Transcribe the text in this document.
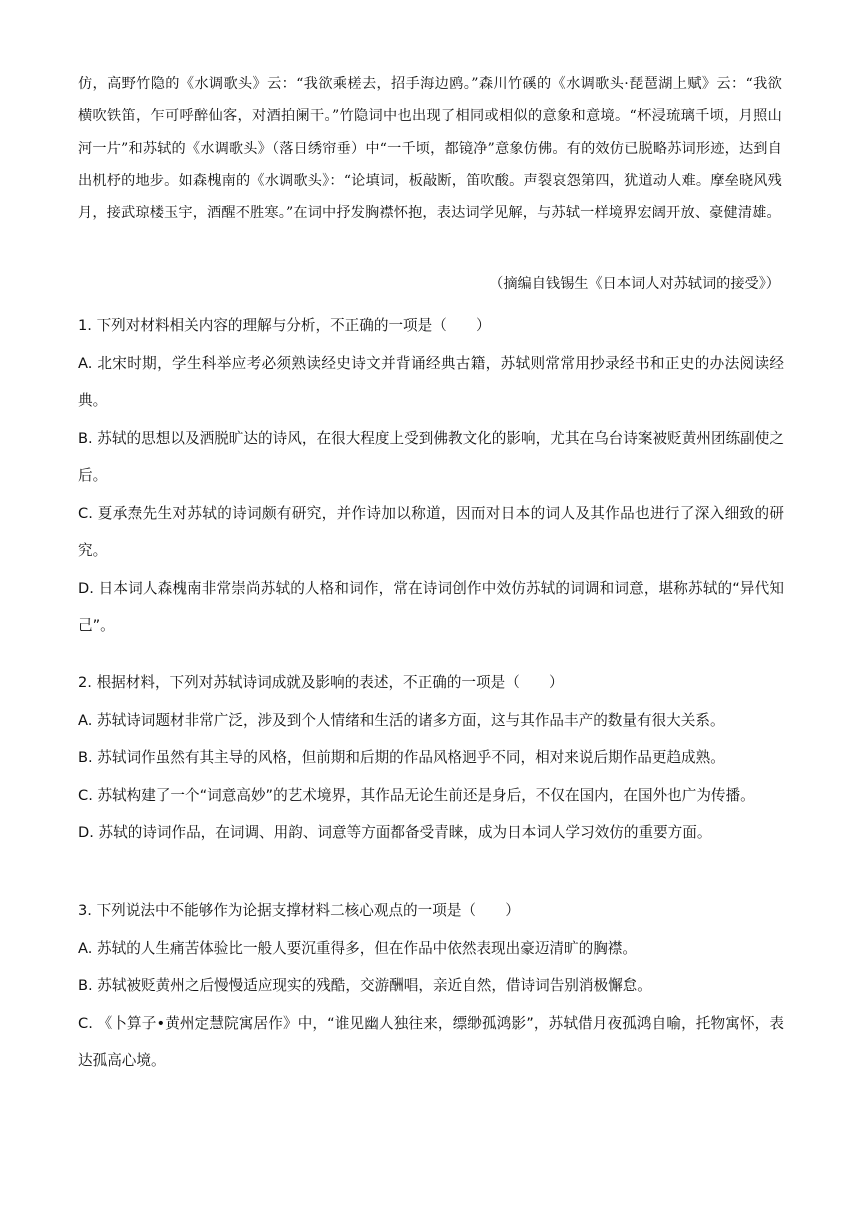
仿，高野竹隐的《水调歌头》云：“我欲乘槎去，招手海边鸥。”森川竹磎的《水调歌头·琵琶湖上赋》云：“我欲横吹铁笛，乍可呼醉仙客，对酒拍阑干。”竹隐词中也出现了相同或相似的意象和意境。“杯浸琉璃千顷，月照山河一片”和苏轼的《水调歌头》（落日绣帘垂）中“一千顷，都镜净”意象仿佛。有的效仿已脱略苏词形迹，达到自出机杼的地步。如森槐南的《水调歌头》：“论填词，板敲断，笛吹酸。声裂哀怨第四，犹道动人难。摩垒晓风残月，接武琼楼玉宇，酒醒不胜寒。”在词中抒发胸襟怀抱，表达词学见解，与苏轼一样境界宏阔开放、豪健清雄。
（摘编自钱锡生《日本词人对苏轼词的接受》）

1. 下列对材料相关内容的理解与分析，不正确的一项是（　　）

A. 北宋时期，学生科举应考必须熟读经史诗文并背诵经典古籍，苏轼则常常用抄录经书和正史的办法阅读经典。

B. 苏轼的思想以及洒脱旷达的诗风，在很大程度上受到佛教文化的影响，尤其在乌台诗案被贬黄州团练副使之后。

C. 夏承焘先生对苏轼的诗词颇有研究，并作诗加以称道，因而对日本的词人及其作品也进行了深入细致的研究。

D. 日本词人森槐南非常崇尚苏轼的人格和词作，常在诗词创作中效仿苏轼的词调和词意，堪称苏轼的“异代知己”。

2. 根据材料，下列对苏轼诗词成就及影响的表述，不正确的一项是（　　）

A. 苏轼诗词题材非常广泛，涉及到个人情绪和生活的诸多方面，这与其作品丰产的数量有很大关系。

B. 苏轼词作虽然有其主导的风格，但前期和后期的作品风格迥乎不同，相对来说后期作品更趋成熟。

C. 苏轼构建了一个“词意高妙”的艺术境界，其作品无论生前还是身后，不仅在国内，在国外也广为传播。

D. 苏轼的诗词作品，在词调、用韵、词意等方面都备受青睐，成为日本词人学习效仿的重要方面。

3. 下列说法中不能够作为论据支撑材料二核心观点的一项是（　　）

A. 苏轼的人生痛苦体验比一般人要沉重得多，但在作品中依然表现出豪迈清旷的胸襟。

B. 苏轼被贬黄州之后慢慢适应现实的残酷，交游酬唱，亲近自然，借诗词告别消极懈怠。

C. 《卜算子•黄州定慧院寓居作》中，“谁见幽人独往来，缥缈孤鸿影”，苏轼借月夜孤鸿自喻，托物寓怀，表达孤高心境。
